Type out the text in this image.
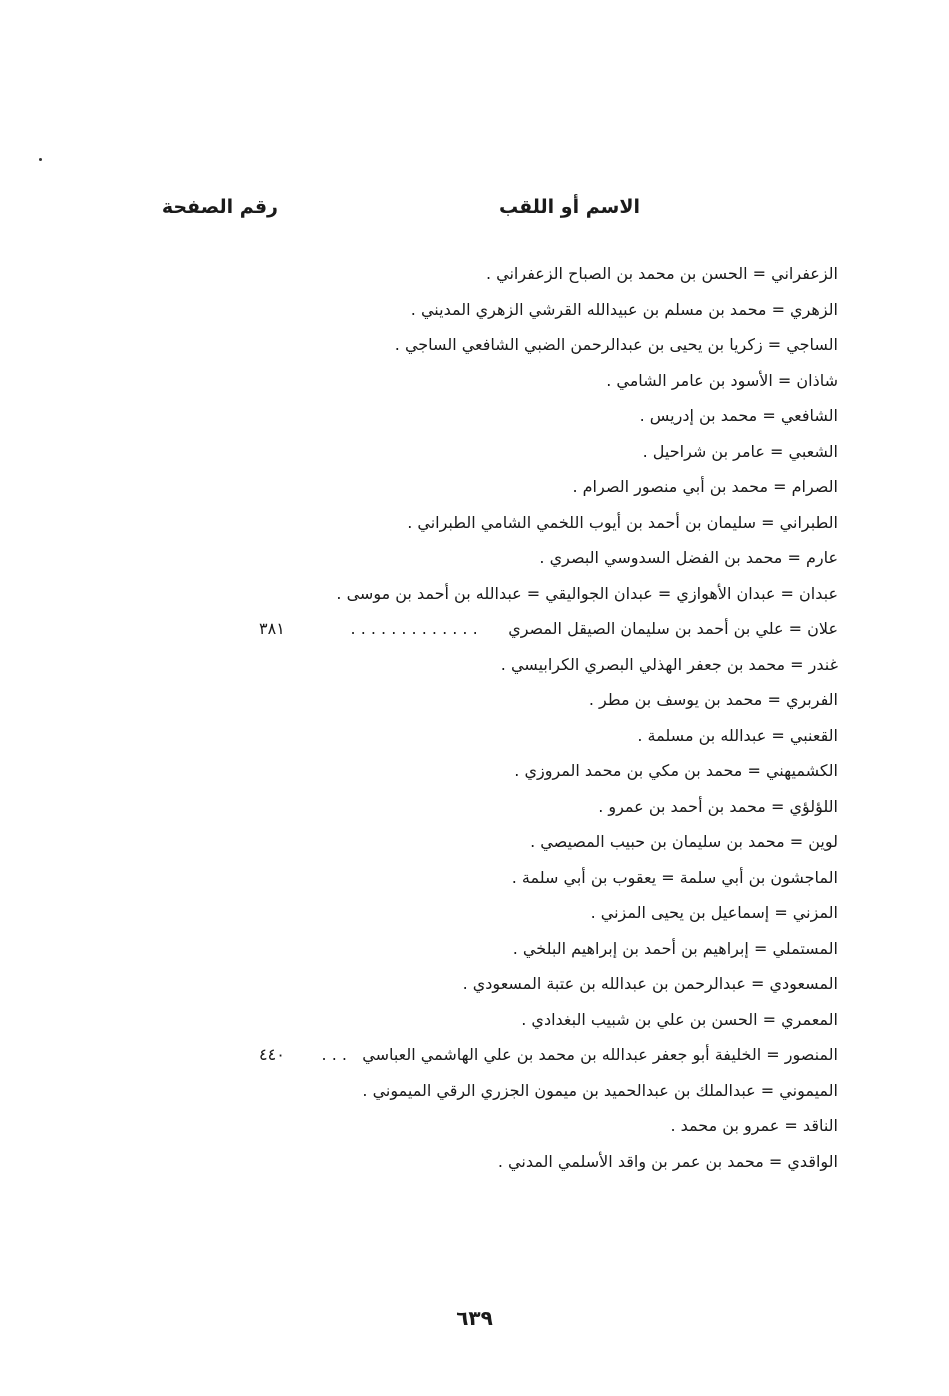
الاسم أو اللقب
رقم الصفحة
الزعفراني = الحسن بن محمد بن الصباح الزعفراني .
الزهري = محمد بن مسلم بن عبيدالله القرشي الزهري المديني .
الساجي = زكريا بن يحيى بن عبدالرحمن الضبي الشافعي الساجي .
شاذان = الأسود بن عامر الشامي .
الشافعي = محمد بن إدريس .
الشعبي = عامر بن شراحيل .
الصرام = محمد بن أبي منصور الصرام .
الطبراني = سليمان بن أحمد بن أيوب اللخمي الشامي الطبراني .
عارم = محمد بن الفضل السدوسي البصري .
عبدان = عبدان الأهوازي = عبدان الجواليقي = عبدالله بن أحمد بن موسى .
علان = علي بن أحمد بن سليمان الصيقل المصري      . . . . . . . . . . . . .
٣٨١
غندر = محمد بن جعفر الهذلي البصري الكرابيسي .
الفربري = محمد بن يوسف بن مطر .
القعنبي = عبدالله بن مسلمة .
الكشميهني = محمد بن مكي بن محمد المروزي .
اللؤلؤي = محمد بن أحمد بن عمرو .
لوين = محمد بن سليمان بن حبيب المصيصي .
الماجشون بن أبي سلمة = يعقوب بن أبي سلمة .
المزني = إسماعيل بن يحيى المزني .
المستملي = إبراهيم بن أحمد بن إبراهيم البلخي .
المسعودي = عبدالرحمن بن عبدالله بن عتبة المسعودي .
المعمري = الحسن بن علي بن شبيب البغدادي .
المنصور = الخليفة أبو جعفر عبدالله بن محمد بن علي الهاشمي العباسي   . . .
٤٤٠
الميموني = عبدالملك بن عبدالحميد بن ميمون الجزري الرقي الميموني .
الناقد = عمرو بن محمد .
الواقدي = محمد بن عمر بن واقد الأسلمي المدني .
٦٣٩
